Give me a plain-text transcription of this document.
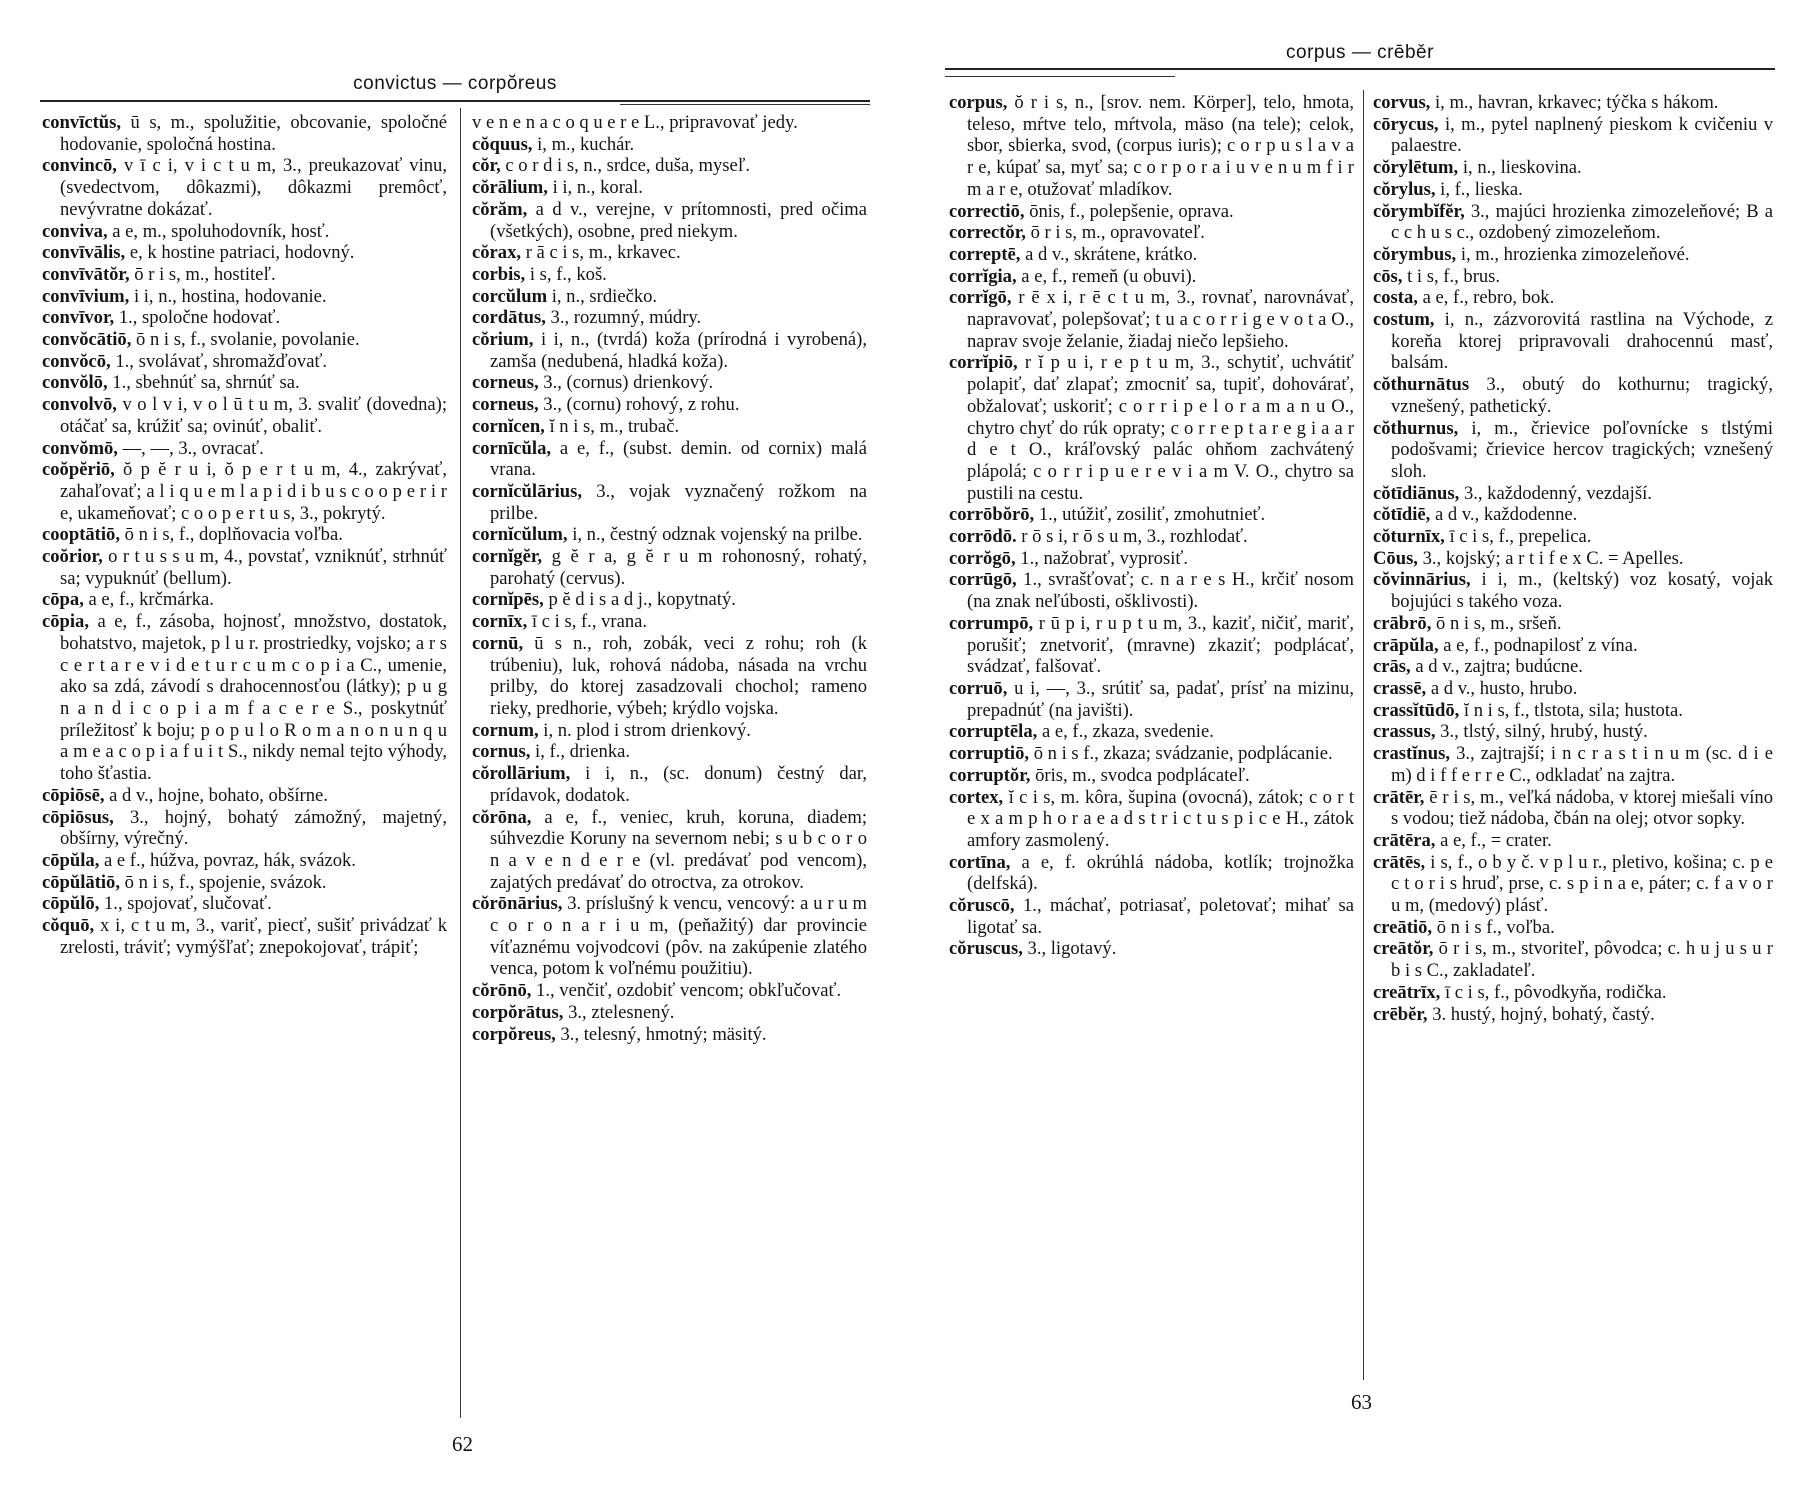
convictus — corpŏreus

convīctŭs, ū s, m., spolužitie, obcovanie, spoločné hodovanie, spoločná hostina.

convincō, v ī c i, v i c t u m, 3., preukazovať vinu, (svedectvom, dôkazmi), dôkazmi premôcť, nevývratne dokázať.

conviva, a e, m., spoluhodovník, hosť.

convīvālis, e, k hostine patriaci, hodovný.

convīvātŏr, ō r i s, m., hostiteľ.

convīvium, i i, n., hostina, hodovanie.

convīvor, 1., spoločne hodovať.

convŏcātiō, ō n i s, f., svolanie, povolanie.

convŏcō, 1., svolávať, shromažďovať.

convŏlō, 1., sbehnúť sa, shrnúť sa.

convolvō, v o l v i, v o l ū t u m, 3. svaliť (dovedna); otáčať sa, krúžiť sa; ovinúť, obaliť.

convŏmō, —, —, 3., ovracať.

coŏpĕriō, ŏ p ĕ r u i, ŏ p e r t u m, 4., zakrývať, zahaľovať; a l i q u e m l a p i d i b u s c o o p e r i r e, ukameňovať; c o o p e r t u s, 3., pokrytý.

cooptātiō, ō n i s, f., doplňovacia voľba.

coŏrior, o r t u s s u m, 4., povstať, vzniknúť, strhnúť sa; vypuknúť (bellum).

cōpa, a e, f., krčmárka.

cōpia, a e, f., zásoba, hojnosť, množstvo, dostatok, bohatstvo, majetok, p l u r. prostriedky, vojsko; a r s c e r t a r e v i d e t u r c u m c o p i a C., umenie, ako sa zdá, závodí s drahocennosťou (látky); p u g n a n d i c o p i a m f a c e r e S., poskytnúť príležitosť k boju; p o p u l o R o m a n o n u n q u a m e a c o p i a f u i t S., nikdy nemal tejto výhody, toho šťastia.

cōpiōsē, a d v., hojne, bohato, obšírne.

cōpiōsus, 3., hojný, bohatý zámožný, majetný, obšírny, výrečný.

cōpŭla, a e f., húžva, povraz, hák, svázok.

cōpŭlātiō, ō n i s, f., spojenie, svázok.

cōpŭlō, 1., spojovať, slučovať.

cŏquō, x i, c t u m, 3., variť, piecť, sušiť privádzať k zrelosti, tráviť; vymýšľať; znepokojovať, trápiť;

v e n e n a c o q u e r e L., pripravovať jedy.

cŏquus, i, m., kuchár.

cŏr, c o r d i s, n., srdce, duša, myseľ.

cŏrālium, i i, n., koral.

cŏrăm, a d v., verejne, v prítomnosti, pred očima (všetkých), osobne, pred niekym.

cŏrax, r ā c i s, m., krkavec.

corbis, i s, f., koš.

corcŭlum i, n., srdiečko.

cordātus, 3., rozumný, múdry.

cŏrium, i i, n., (tvrdá) koža (prírodná i vyrobená), zamša (nedubená, hladká koža).

corneus, 3., (cornus) drienkový.

corneus, 3., (cornu) rohový, z rohu.

cornĭcen, ĭ n i s, m., trubač.

cornīcŭla, a e, f., (subst. demin. od cornix) malá vrana.

cornĭcŭlārius, 3., vojak vyznačený rožkom na prilbe.

cornĭcŭlum, i, n., čestný odznak vojenský na prilbe.

cornĭgĕr, g ĕ r a, g ĕ r u m rohonosný, rohatý, parohatý (cervus).

cornĭpēs, p ĕ d i s a d j., kopytnatý.

cornīx, ī c i s, f., vrana.

cornū, ū s n., roh, zobák, veci z rohu; roh (k trúbeniu), luk, rohová nádoba, násada na vrchu prilby, do ktorej zasadzovali chochol; rameno rieky, predhorie, výbeh; krýdlo vojska.

cornum, i, n. plod i strom drienkový.

cornus, i, f., drienka.

cŏrollārium, i i, n., (sc. donum) čestný dar, prídavok, dodatok.

cŏrōna, a e, f., veniec, kruh, koruna, diadem; súhvezdie Koruny na severnom nebi; s u b c o r o n a v e n d e r e (vl. predávať pod vencom), zajatých predávať do otroctva, za otrokov.

cŏrōnārius, 3. príslušný k vencu, vencový: a u r u m c o r o n a r i u m, (peňažitý) dar provincie víťaznému vojvodcovi (pôv. na zakúpenie zlatého venca, potom k voľnému použitiu).

cŏrōnō, 1., venčiť, ozdobiť vencom; obkľučovať.

corpŏrātus, 3., ztelesnený.

corpŏreus, 3., telesný, hmotný; mäsitý.

62
corpus — crēběr

corpus, ŏ r i s, n., [srov. nem. Körper], telo, hmota, teleso, mŕtve telo, mŕtvola, mäso (na tele); celok, sbor, sbierka, svod, (corpus iuris); c o r p u s l a v a r e, kúpať sa, myť sa; c o r p o r a i u v e n u m f i r m a r e, otužovať mladíkov.

correctiō, ōnis, f., polepšenie, oprava.

correctŏr, ō r i s, m., opravovateľ.

correptē, a d v., skrátene, krátko.

corrĭgia, a e, f., remeň (u obuvi).

corrĭgō, r ē x i, r ē c t u m, 3., rovnať, narovnávať, napravovať, polepšovať; t u a c o r r i g e v o t a O., naprav svoje želanie, žiadaj niečo lepšieho.

corrĭpiō, r ĭ p u i, r e p t u m, 3., schytiť, uchvátiť polapiť, dať zlapať; zmocniť sa, tupiť, dohovárať, obžalovať; uskoriť; c o r r i p e l o r a m a n u O., chytro chyť do rúk opraty; c o r r e p t a r e g i a a r d e t O., kráľovský palác ohňom zachvátený plápolá; c o r r i p u e r e v i a m V. O., chytro sa pustili na cestu.

corrōbŏrō, 1., utúžiť, zosiliť, zmohutnieť.

corrōdō. r ō s i, r ō s u m, 3., rozhlodať.

corrŏgō, 1., nažobrať, vyprosiť.

corrūgō, 1., svrašťovať; c. n a r e s H., krčiť nosom (na znak neľúbosti, ošklivosti).

corrumpō, r ū p i, r u p t u m, 3., kaziť, ničiť, mariť, porušiť; znetvoriť, (mravne) zkaziť; podplácať, svádzať, falšovať.

corruō, u i, —, 3., srútiť sa, padať, prísť na mizinu, prepadnúť (na javišti).

corruptēla, a e, f., zkaza, svedenie.

corruptiō, ō n i s f., zkaza; svádzanie, podplácanie.

corruptŏr, ōris, m., svodca podplácateľ.

cortex, ĭ c i s, m. kôra, šupina (ovocná), zátok; c o r t e x a m p h o r a e a d s t r i c t u s p i c e H., zátok amfory zasmolený.

cortīna, a e, f. okrúhlá nádoba, kotlík; trojnožka (delfská).

cŏruscō, 1., máchať, potriasať, poletovať; mihať sa ligotať sa.

cŏruscus, 3., ligotavý.

corvus, i, m., havran, krkavec; týčka s hákom.

cōrycus, i, m., pytel naplnený pieskom k cvičeniu v palaestre.

cŏrylētum, i, n., lieskovina.

cŏrylus, i, f., lieska.

cŏrymbĭfĕr, 3., majúci hrozienka zimozeleňové; B a c c h u s c., ozdobený zimozeleňom.

cŏrymbus, i, m., hrozienka zimozeleňové.

cōs, t i s, f., brus.

costa, a e, f., rebro, bok.

costum, i, n., zázvorovitá rastlina na Východe, z koreňa ktorej pripravovali drahocennú masť, balsám.

cŏthurnātus 3., obutý do kothurnu; tragický, vznešený, pathetický.

cŏthurnus, i, m., črievice poľovnícke s tlstými podošvami; črievice hercov tragických; vznešený sloh.

cŏtīdiānus, 3., každodenný, vezdajší.

cŏtīdiē, a d v., každodenne.

cŏturnīx, ī c i s, f., prepelica.

Cōus, 3., kojský; a r t i f e x C. = Apelles.

cŏvinnārius, i i, m., (keltský) voz kosatý, vojak bojujúci s takého voza.

crābrō, ō n i s, m., sršeň.

crāpŭla, a e, f., podnapilosť z vína.

crās, a d v., zajtra; budúcne.

crassē, a d v., husto, hrubo.

crassĭtūdō, ĭ n i s, f., tlstota, sila; hustota.

crassus, 3., tlstý, silný, hrubý, hustý.

crastĭnus, 3., zajtrajší; i n c r a s t i n u m (sc. d i e m) d i f f e r r e C., odkladať na zajtra.

crātēr, ē r i s, m., veľká nádoba, v ktorej miešali víno s vodou; tiež nádoba, čbán na olej; otvor sopky.

crātēra, a e, f., = crater.

crātēs, i s, f., o b y č. v p l u r., pletivo, košina; c. p e c t o r i s hruď, prse, c. s p i n a e, páter; c. f a v o r u m, (medový) plásť.

creātiō, ō n i s f., voľba.

creātŏr, ō r i s, m., stvoriteľ, pôvodca; c. h u j u s u r b i s C., zakladateľ.

creātrīx, ī c i s, f., pôvodkyňa, rodička.

crēbĕr, 3. hustý, hojný, bohatý, častý.

63
